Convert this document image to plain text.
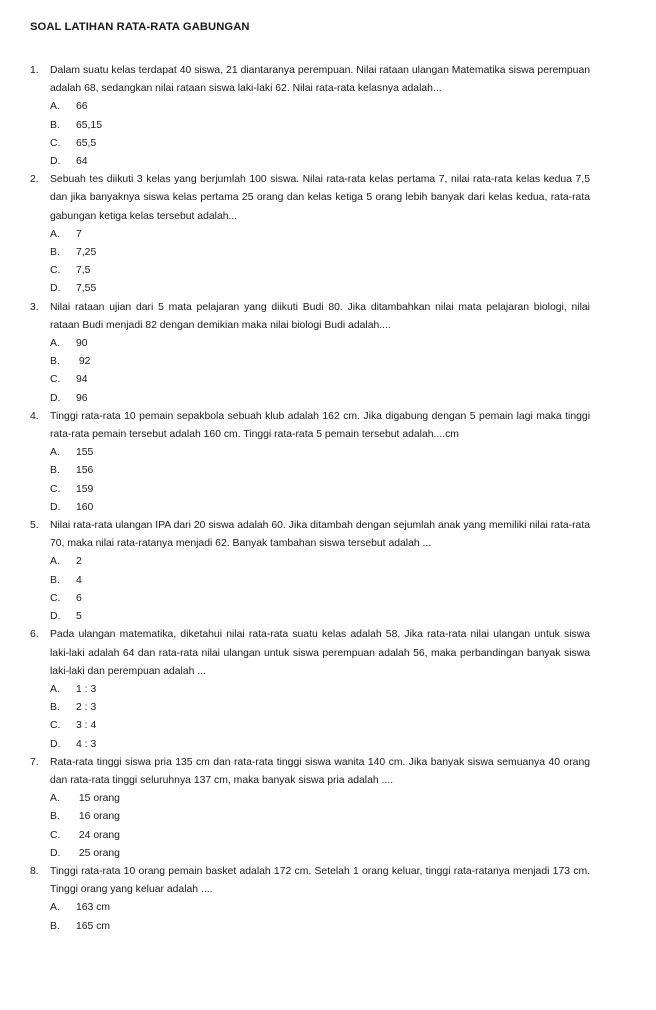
SOAL LATIHAN RATA-RATA GABUNGAN
1.	Dalam suatu kelas terdapat 40 siswa, 21 diantaranya perempuan. Nilai rataan ulangan Matematika siswa perempuan adalah 68, sedangkan nilai rataan siswa laki-laki 62. Nilai rata-rata kelasnya adalah...
A.	66
B.	65,15
C.	65,5
D.	64
2.	Sebuah tes diikuti 3 kelas yang berjumlah 100 siswa. Nilai rata-rata kelas pertama 7, nilai rata-rata kelas kedua 7,5 dan jika banyaknya siswa kelas pertama 25 orang dan kelas ketiga 5 orang lebih banyak dari kelas kedua, rata-rata gabungan ketiga kelas tersebut adalah...
A.	7
B.	7,25
C.	7,5
D.	7,55
3.	Nilai rataan ujian dari 5 mata pelajaran yang diikuti Budi 80. Jika ditambahkan nilai mata pelajaran biologi, nilai rataan Budi menjadi 82 dengan demikian maka nilai biologi Budi adalah....
A.	90
B.	92
C.	94
D.	96
4.	Tinggi rata-rata 10 pemain sepakbola sebuah klub adalah 162 cm. Jika digabung dengan 5 pemain lagi maka tinggi rata-rata pemain tersebut adalah 160 cm. Tinggi rata-rata 5 pemain tersebut adalah....cm
A.	155
B.	156
C.	159
D.	160
5.	Nilai rata-rata ulangan IPA dari 20 siswa adalah 60. Jika ditambah dengan sejumlah anak yang memiliki nilai rata-rata 70, maka nilai rata-ratanya menjadi 62. Banyak tambahan siswa tersebut adalah ...
A.	2
B.	4
C.	6
D.	5
6.	Pada ulangan matematika, diketahui nilai rata-rata suatu kelas adalah 58. Jika rata-rata nilai ulangan untuk siswa laki-laki adalah 64 dan rata-rata nilai ulangan untuk siswa perempuan adalah 56, maka perbandingan banyak siswa laki-laki dan perempuan adalah ...
A.	1 : 3
B.	2 : 3
C.	3 : 4
D.	4 : 3
7.	Rata-rata tinggi siswa pria 135 cm dan rata-rata tinggi siswa wanita 140 cm. Jika banyak siswa semuanya 40 orang dan rata-rata tinggi seluruhnya 137 cm, maka banyak siswa pria adalah ....
A.	15 orang
B.	16 orang
C.	24 orang
D.	25 orang
8.	Tinggi rata-rata 10 orang pemain basket adalah 172 cm. Setelah 1 orang keluar, tinggi rata-ratanya menjadi 173 cm. Tinggi orang yang keluar adalah ....
A.	163 cm
B.	165 cm
